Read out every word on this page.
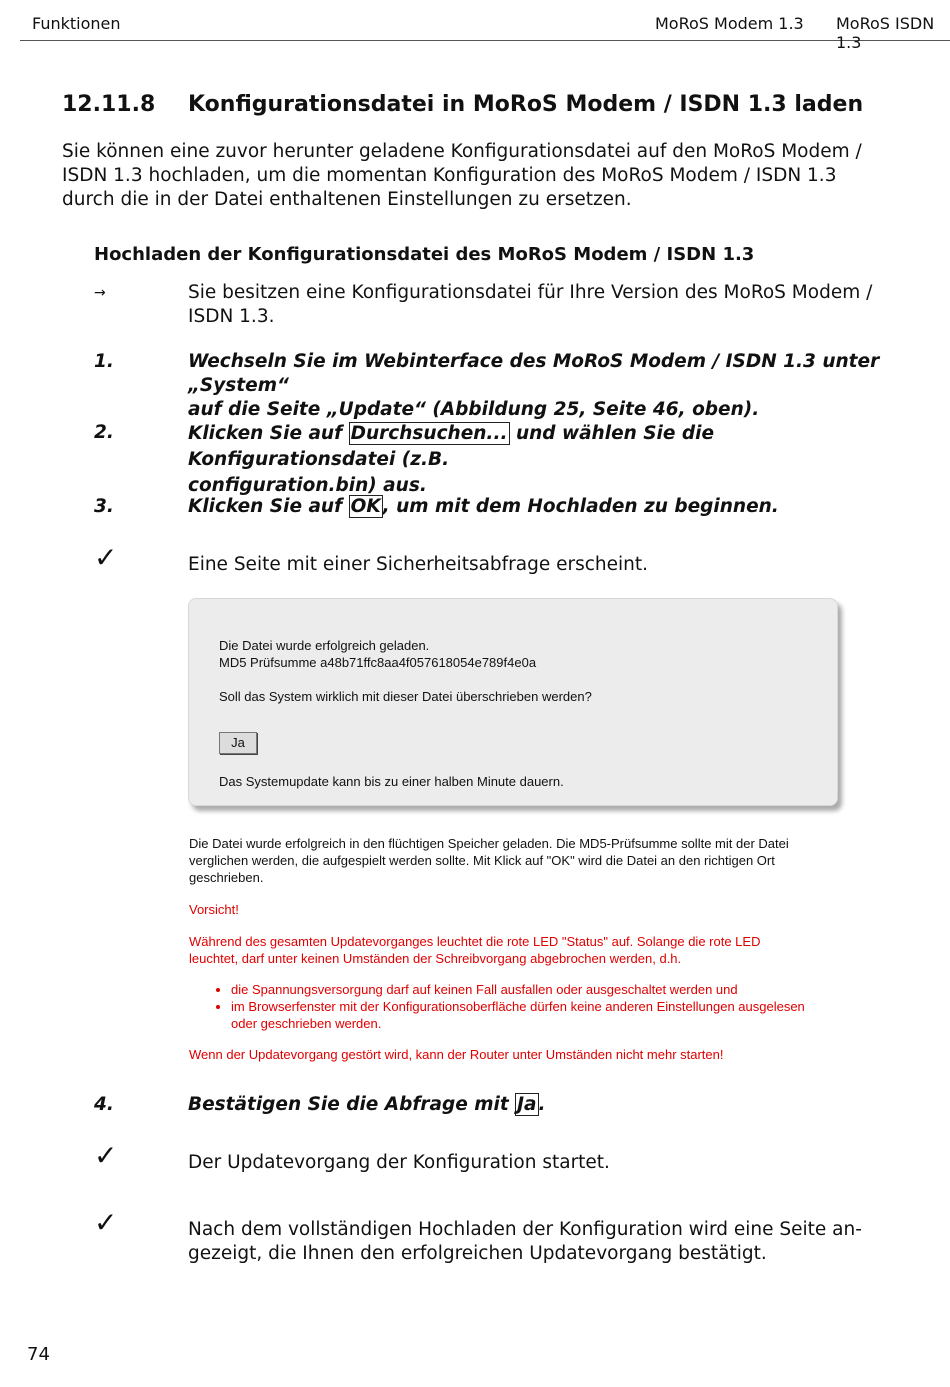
Funktionen	MoRoS Modem 1.3 MoRoS ISDN 1.3
12.11.8 Konfigurationsdatei in MoRoS Modem / ISDN 1.3 laden
Sie können eine zuvor herunter geladene Konfigurationsdatei auf den MoRoS Modem /
ISDN 1.3 hochladen, um die momentan Konfiguration des MoRoS Modem / ISDN 1.3
durch die in der Datei enthaltenen Einstellungen zu ersetzen.
Hochladen der Konfigurationsdatei des MoRoS Modem / ISDN 1.3
→	Sie besitzen eine Konfigurationsdatei für Ihre Version des MoRoS Modem /
ISDN 1.3.
1.	Wechseln Sie im Webinterface des MoRoS Modem / ISDN 1.3 unter „System“
auf die Seite „Update“ (Abbildung 25, Seite 46, oben).
2.	Klicken Sie auf Durchsuchen... und wählen Sie die Konfigurationsdatei (z.B.
configuration.bin) aus.
3.	Klicken Sie auf OK , um mit dem Hochladen zu beginnen.
✓	Eine Seite mit einer Sicherheitsabfrage erscheint.
Die Datei wurde erfolgreich geladen.
MD5 Prüfsumme a48b71ffc8aa4f057618054e789f4e0a
Soll das System wirklich mit dieser Datei überschrieben werden?
Ja
Das Systemupdate kann bis zu einer halben Minute dauern.
Die Datei wurde erfolgreich in den flüchtigen Speicher geladen. Die MD5-Prüfsumme sollte mit der Datei
verglichen werden, die aufgespielt werden sollte. Mit Klick auf "OK" wird die Datei an den richtigen Ort
geschrieben.
Vorsicht!
Während des gesamten Updatevorganges leuchtet die rote LED "Status" auf. Solange die rote LED
leuchtet, darf unter keinen Umständen der Schreibvorgang abgebrochen werden, d.h.
• die Spannungsversorgung darf auf keinen Fall ausfallen oder ausgeschaltet werden und
• im Browserfenster mit der Konfigurationsoberfläche dürfen keine anderen Einstellungen ausgelesen
oder geschrieben werden.
Wenn der Updatevorgang gestört wird, kann der Router unter Umständen nicht mehr starten!
4.	Bestätigen Sie die Abfrage mit Ja .
✓	Der Updatevorgang der Konfiguration startet.
✓	Nach dem vollständigen Hochladen der Konfiguration wird eine Seite an-
gezeigt, die Ihnen den erfolgreichen Updatevorgang bestätigt.
74
